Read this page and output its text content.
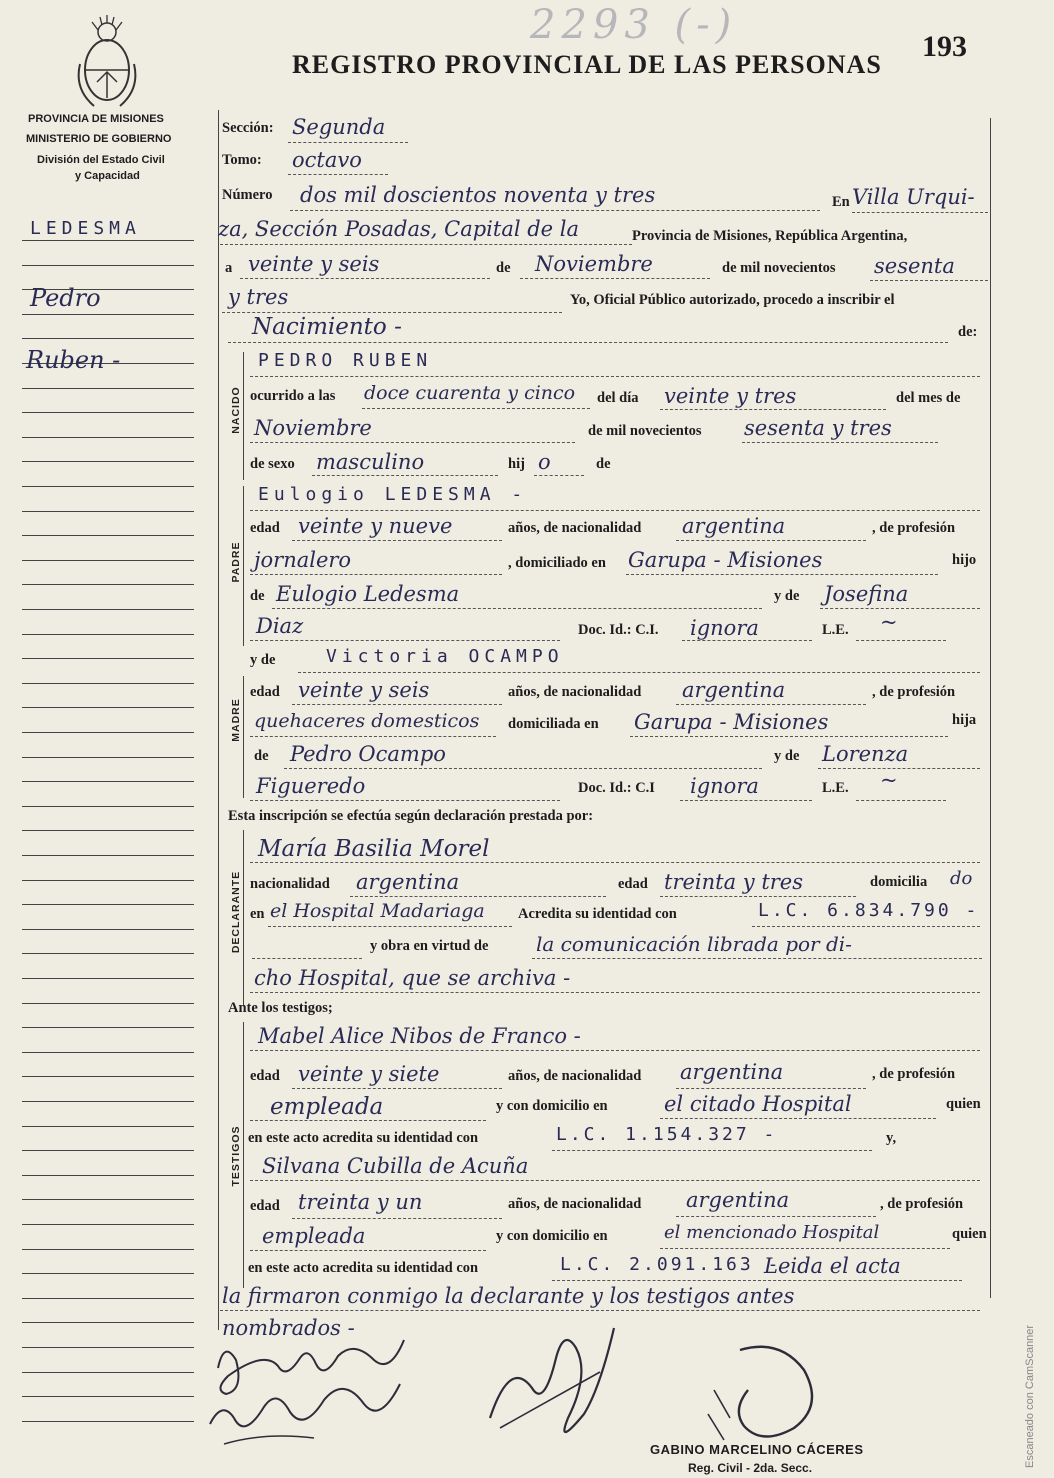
PROVINCIA DE MISIONES
MINISTERIO DE GOBIERNO
División del Estado Civil
y Capacidad
2293 (-)
REGISTRO PROVINCIAL DE LAS PERSONAS
193
LEDESMA
Pedro
Ruben -
Sección: Segunda
Tomo: octavo
Número dos mil doscientos noventa y tres	En Villa Urqui-
za, Sección Posadas, Capital de la	Provincia de Misiones, República Argentina,
a veinte y seis	de Noviembre	de mil novecientos sesenta
y tres	Yo, Oficial Público autorizado, procedo a inscribir el
Nacimiento -	de:
NACIDO
PEDRO RUBEN
ocurrido a las doce cuarenta y cinco del día veinte y tres	del mes de
Noviembre	de mil novecientos sesenta y tres
de sexo masculino	hij o	de
PADRE
Eulogio LEDESMA -
edad veinte y nueve	años, de nacionalidad argentina	, de profesión
jornalero	, domiciliado en Garupa - Misiones	hijo
de Eulogio Ledesma	y de Josefina
Diaz	Doc. Id.: C.I. ignora	L.E. ~
MADRE
y de	Victoria OCAMPO
edad veinte y seis	años, de nacionalidad argentina	, de profesión
quehaceres domesticos domiciliada en Garupa - Misiones	hija
de Pedro Ocampo	y de Lorenza
Figueredo	Doc. Id.: C.I ignora	L.E. ~
Esta inscripción se efectúa según declaración prestada por:
DECLARANTE
María Basilia Morel
nacionalidad argentina	edad treinta y tres	domicilia do
en el Hospital Madariaga Acredita su identidad con	L.C. 6.834.790 -
y obra en virtud de la comunicación librada por di-
cho Hospital, que se archiva -
Ante los testigos;
TESTIGOS
Mabel Alice Nibos de Franco -
edad veinte y siete	años, de nacionalidad argentina	, de profesión
empleada	y con domicilio en	el citado Hospital	quien
en este acto acredita su identidad con	L.C. 1.154.327 -	y,
Silvana Cubilla de Acuña
edad treinta y un	años, de nacionalidad argentina	, de profesión
empleada	y con domicilio en	el mencionado Hospital	quien
en este acto acredita su identidad con	L.C. 2.091.163 -
Leida el acta
la firmaron conmigo la declarante y los testigos antes
nombrados -
GABINO MARCELINO CÁCERES
Reg. Civil - 2da. Secc.	Escaneado con CamScanner
